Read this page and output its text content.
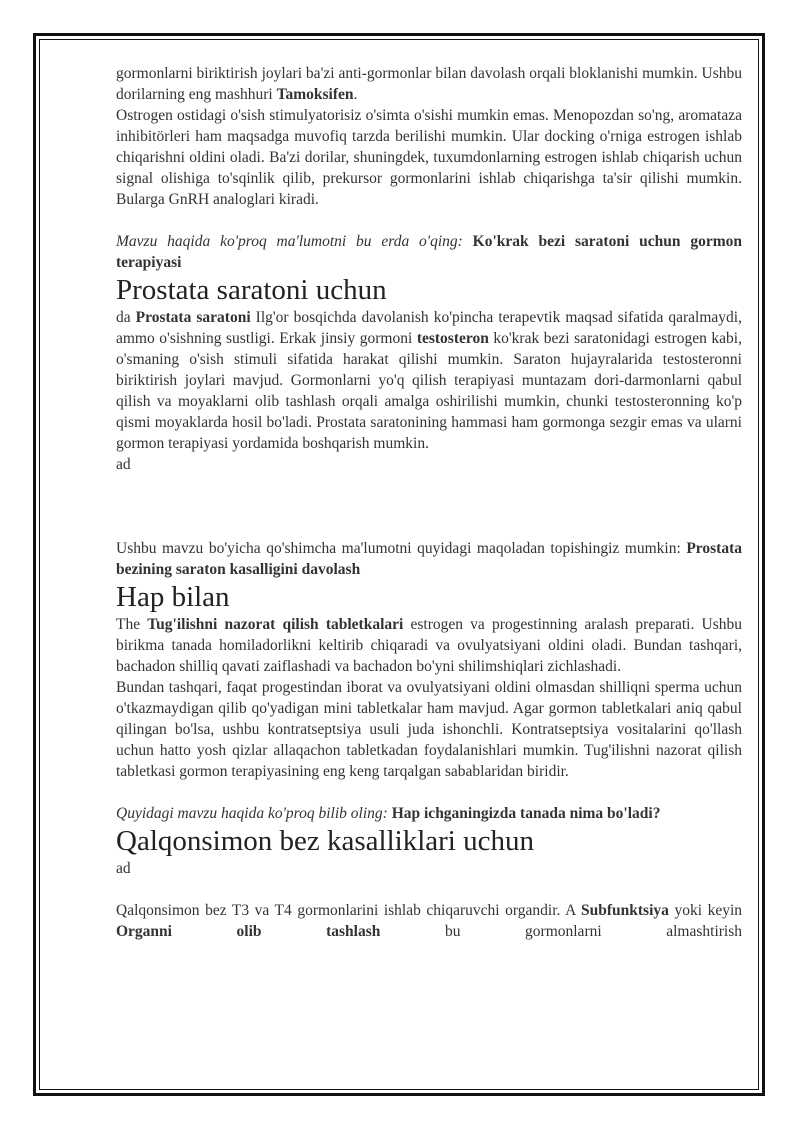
gormonlarni biriktirish joylari ba'zi anti-gormonlar bilan davolash orqali bloklanishi mumkin. Ushbu dorilarning eng mashhuri Tamoksifen.

Ostrogen ostidagi o'sish stimulyatorisiz o'simta o'sishi mumkin emas. Menopozdan so'ng, aromataza inhibitörleri ham maqsadga muvofiq tarzda berilishi mumkin. Ular docking o'rniga estrogen ishlab chiqarishni oldini oladi. Ba'zi dorilar, shuningdek, tuxumdonlarning estrogen ishlab chiqarish uchun signal olishiga to'sqinlik qilib, prekursor gormonlarini ishlab chiqarishga ta'sir qilishi mumkin. Bularga GnRH analoglari kiradi.

Mavzu haqida ko'proq ma'lumotni bu erda o'qing: Ko'krak bezi saratoni uchun gormon terapiyasi

Prostata saratoni uchun

da Prostata saratoni Ilg'or bosqichda davolanish ko'pincha terapevtik maqsad sifatida qaralmaydi, ammo o'sishning sustligi. Erkak jinsiy gormoni testosteron ko'krak bezi saratonidagi estrogen kabi, o'smaning o'sish stimuli sifatida harakat qilishi mumkin. Saraton hujayralarida testosteronni biriktirish joylari mavjud. Gormonlarni yo'q qilish terapiyasi muntazam dori-darmonlarni qabul qilish va moyaklarni olib tashlash orqali amalga oshirilishi mumkin, chunki testosteronning ko'p qismi moyaklarda hosil bo'ladi. Prostata saratonining hammasi ham gormonga sezgir emas va ularni gormon terapiyasi yordamida boshqarish mumkin.

ad

Ushbu mavzu bo'yicha qo'shimcha ma'lumotni quyidagi maqoladan topishingiz mumkin: Prostata bezining saraton kasalligini davolash

Hap bilan

The Tug'ilishni nazorat qilish tabletkalari estrogen va progestinning aralash preparati. Ushbu birikma tanada homiladorlikni keltirib chiqaradi va ovulyatsiyani oldini oladi. Bundan tashqari, bachadon shilliq qavati zaiflashadi va bachadon bo'yni shilimshiqlari zichlashadi.

Bundan tashqari, faqat progestindan iborat va ovulyatsiyani oldini olmasdan shilliqni sperma uchun o'tkazmaydigan qilib qo'yadigan mini tabletkalar ham mavjud. Agar gormon tabletkalari aniq qabul qilingan bo'lsa, ushbu kontratseptsiya usuli juda ishonchli. Kontratseptsiya vositalarini qo'llash uchun hatto yosh qizlar allaqachon tabletkadan foydalanishlari mumkin. Tug'ilishni nazorat qilish tabletkasi gormon terapiyasining eng keng tarqalgan sabablaridan biridir.

Quyidagi mavzu haqida ko'proq bilib oling: Hap ichganingizda tanada nima bo'ladi?

Qalqonsimon bez kasalliklari uchun

ad

Qalqonsimon bez T3 va T4 gormonlarini ishlab chiqaruvchi organdir. A Subfunktsiya yoki keyin Organni olib tashlash bu gormonlarni almashtirish
